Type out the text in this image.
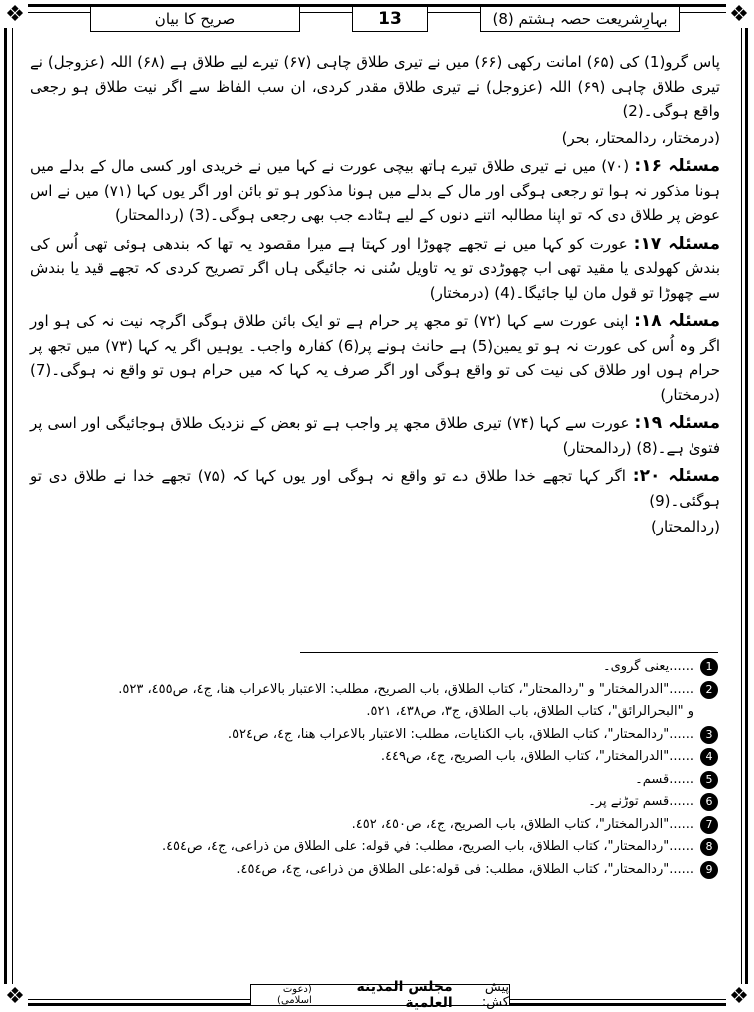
❖	❖
❖	❖
صریح کا بیان	13	بہارِشریعت حصہ ہشتم (8)

پاس گرو(1) کی (۶۵) امانت رکھی (۶۶) میں نے تیری طلاق چاہی (۶۷) تیرے لیے طلاق ہے (۶۸) اللہ (عزوجل) نے تیری طلاق چاہی (۶۹) اللہ (عزوجل) نے تیری طلاق مقدر کردی، ان سب الفاظ سے اگر نیت طلاق ہو رجعی واقع ہوگی۔(2)
(درمختار، ردالمحتار، بحر)

مسئلہ ۱۶: (۷۰) میں نے تیری طلاق تیرے ہاتھ بیچی عورت نے کہا میں نے خریدی اور کسی مال کے بدلے میں ہونا مذکور نہ ہوا تو رجعی ہوگی اور مال کے بدلے میں ہونا مذکور ہو تو بائن اور اگر یوں کہا (۷۱) میں نے اس عوض پر طلاق دی کہ تو اپنا مطالبہ اتنے دنوں کے لیے ہٹادے جب بھی رجعی ہوگی۔(3) (ردالمحتار)

مسئلہ ۱۷: عورت کو کہا میں نے تجھے چھوڑا اور کہتا ہے میرا مقصود یہ تھا کہ بندھی ہوئی تھی اُس کی بندش کھولدی یا مقید تھی اب چھوڑدی تو یہ تاویل سُنی نہ جائیگی ہاں اگر تصریح کردی کہ تجھے قید یا بندش سے چھوڑا تو قول مان لیا جائیگا۔(4) (درمختار)

مسئلہ ۱۸: اپنی عورت سے کہا (۷۲) تو مجھ پر حرام ہے تو ایک بائن طلاق ہوگی اگرچہ نیت نہ کی ہو اور اگر وہ اُس کی عورت نہ ہو تو یمین(5) ہے حانث ہونے پر(6) کفارہ واجب۔ یوہیں اگر یہ کہا (۷۳) میں تجھ پر حرام ہوں اور طلاق کی نیت کی تو واقع ہوگی اور اگر صرف یہ کہا کہ میں حرام ہوں تو واقع نہ ہوگی۔(7) (درمختار)

مسئلہ ۱۹: عورت سے کہا (۷۴) تیری طلاق مجھ پر واجب ہے تو بعض کے نزدیک طلاق ہوجائیگی اور اسی پر فتویٰ ہے۔(8) (ردالمحتار)

مسئلہ ۲۰: اگر کہا تجھے خدا طلاق دے تو واقع نہ ہوگی اور یوں کہا کہ (۷۵) تجھے خدا نے طلاق دی تو ہوگئی۔(9)
(ردالمحتار)

1
......یعنی گروی۔
2
......"الدرالمختار" و "ردالمحتار"، کتاب الطلاق، باب الصریح، مطلب: الاعتبار بالاعراب هنا، ج٤، ص٤٥٥، ٥٢٣.
و "البحرالرائق"، کتاب الطلاق، باب الطلاق، ج٣، ص٤٣٨، ٥٢١.
3
......"ردالمحتار"، کتاب الطلاق، باب الکنایات، مطلب: الاعتبار بالاعراب هنا، ج٤، ص٥٢٤.
4
......"الدرالمختار"، کتاب الطلاق، باب الصریح، ج٤، ص٤٤٩.
5
......قسم۔
6
......قسم توڑنے پر۔
7
......"الدرالمختار"، کتاب الطلاق، باب الصریح، ج٤، ص٤٥٠، ٤٥٢.
8
......"ردالمحتار"، کتاب الطلاق، باب الصریح، مطلب: في قوله: علی الطلاق من ذراعی، ج٤، ص٤٥٤.
9
......"ردالمحتار"، کتاب الطلاق، مطلب: فی قوله:علی الطلاق من ذراعی، ج٤، ص٤٥٤.
پیش کش:
مجلس المدينة العلمية
(دعوت اسلامی)
